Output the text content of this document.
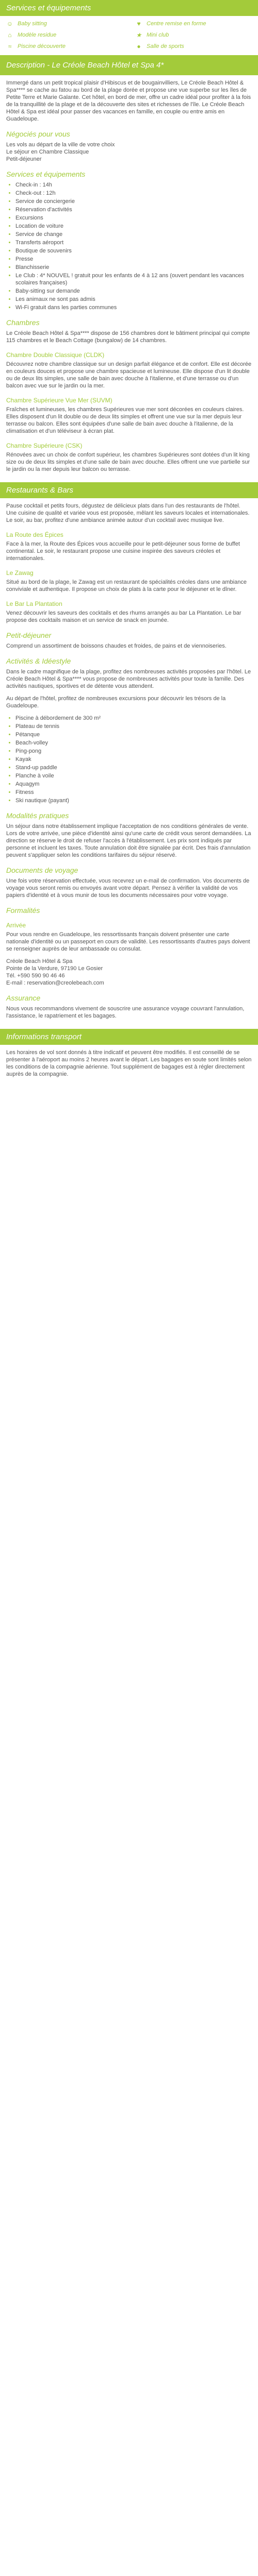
Services et équipements
☺ Baby sitting	♥	Centre remise en forme
⌂	Modèle residue	★ Mini club
≈	Piscine découverte	●	Salle de sports
Description - Le Créole Beach Hôtel et Spa 4*

Immergé dans un petit tropical plaisir d'Hibiscus et de bougainvilliers, Le Créole Beach Hôtel & Spa**** se cache au fatou au bord de la plage dorée et propose une vue superbe sur les îles de Petite Terre et Marie Galante. Cet hôtel, en bord de mer, offre un cadre idéal pour profiter à la fois de la tranquillité de la plage et de la découverte des sites et richesses de l'île. Le Créole Beach Hôtel & Spa est idéal pour passer des vacances en famille, en couple ou entre amis en Guadeloupe.

Négociés pour vous

Les vols au départ de la ville de votre choix
Le séjour en Chambre Classique
Petit-déjeuner

Services et équipements
• Check-in : 14h
• Check-out : 12h
• Service de conciergerie
• Réservation d'activités
• Excursions
• Location de voiture
• Service de change
• Transferts aéroport
• Boutique de souvenirs
• Presse
• Blanchisserie
• Le Club : 4* NOUVEL ! gratuit pour les enfants de 4 à 12 ans (ouvert pendant les vacances scolaires françaises)
• Baby-sitting sur demande
• Les animaux ne sont pas admis
• Wi-Fi gratuit dans les parties communes
Chambres

Le Créole Beach Hôtel & Spa**** dispose de 156 chambres dont le bâtiment principal qui compte 115 chambres et le Beach Cottage (bungalow) de 14 chambres.

Chambre Double Classique (CLDK)

Découvrez notre chambre classique sur un design parfait élégance et de confort. Elle est décorée en couleurs douces et propose une chambre spacieuse et lumineuse. Elle dispose d'un lit double ou de deux lits simples, une salle de bain avec douche à l'italienne, et d'une terrasse ou d'un balcon avec vue sur le jardin ou la mer.

Chambre Supérieure Vue Mer (SUVM)

Fraîches et lumineuses, les chambres Supérieures vue mer sont décorées en couleurs claires. Elles disposent d'un lit double ou de deux lits simples et offrent une vue sur la mer depuis leur terrasse ou balcon. Elles sont équipées d'une salle de bain avec douche à l'italienne, de la climatisation et d'un téléviseur à écran plat.

Chambre Supérieure (CSK)

Rénovées avec un choix de confort supérieur, les chambres Supérieures sont dotées d'un lit king size ou de deux lits simples et d'une salle de bain avec douche. Elles offrent une vue partielle sur le jardin ou la mer depuis leur balcon ou terrasse.

Restaurants & Bars

Pause cocktail et petits fours, dégustez de délicieux plats dans l'un des restaurants de l'hôtel. Une cuisine de qualité et variée vous est proposée, mêlant les saveurs locales et internationales. Le soir, au bar, profitez d'une ambiance animée autour d'un cocktail avec musique live.

La Route des Épices

Face à la mer, la Route des Épices vous accueille pour le petit-déjeuner sous forme de buffet continental. Le soir, le restaurant propose une cuisine inspirée des saveurs créoles et internationales.

Le Zawag

Situé au bord de la plage, le Zawag est un restaurant de spécialités créoles dans une ambiance conviviale et authentique. Il propose un choix de plats à la carte pour le déjeuner et le dîner.

Le Bar La Plantation

Venez découvrir les saveurs des cocktails et des rhums arrangés au bar La Plantation. Le bar propose des cocktails maison et un service de snack en journée.

Petit-déjeuner

Comprend un assortiment de boissons chaudes et froides, de pains et de viennoiseries.

Activités & Idéestyle

Dans le cadre magnifique de la plage, profitez des nombreuses activités proposées par l'hôtel. Le Créole Beach Hôtel & Spa**** vous propose de nombreuses activités pour toute la famille. Des activités nautiques, sportives et de détente vous attendent.

Au départ de l'hôtel, profitez de nombreuses excursions pour découvrir les trésors de la Guadeloupe.

• Piscine à débordement de 300 m²
• Plateau de tennis
• Pétanque
• Beach-volley
• Ping-pong
• Kayak
• Stand-up paddle
• Planche à voile
• Aquagym
• Fitness
• Ski nautique (payant)
Modalités pratiques

Un séjour dans notre établissement implique l'acceptation de nos conditions générales de vente. Lors de votre arrivée, une pièce d'identité ainsi qu'une carte de crédit vous seront demandées. La direction se réserve le droit de refuser l'accès à l'établissement. Les prix sont indiqués par personne et incluent les taxes. Toute annulation doit être signalée par écrit. Des frais d'annulation peuvent s'appliquer selon les conditions tarifaires du séjour réservé.

Documents de voyage

Une fois votre réservation effectuée, vous recevrez un e-mail de confirmation. Vos documents de voyage vous seront remis ou envoyés avant votre départ. Pensez à vérifier la validité de vos papiers d'identité et à vous munir de tous les documents nécessaires pour votre voyage.

Formalités
Arrivée

Pour vous rendre en Guadeloupe, les ressortissants français doivent présenter une carte nationale d'identité ou un passeport en cours de validité. Les ressortissants d'autres pays doivent se renseigner auprès de leur ambassade ou consulat.

Créole Beach Hôtel & Spa
Pointe de la Verdure, 97190 Le Gosier
Tél. +590 590 90 46 46
E-mail : reservation@creolebeach.com

Assurance

Nous vous recommandons vivement de souscrire une assurance voyage couvrant l'annulation, l'assistance, le rapatriement et les bagages.

Informations transport

Les horaires de vol sont donnés à titre indicatif et peuvent être modifiés. Il est conseillé de se présenter à l'aéroport au moins 2 heures avant le départ. Les bagages en soute sont limités selon les conditions de la compagnie aérienne. Tout supplément de bagages est à régler directement auprès de la compagnie.
